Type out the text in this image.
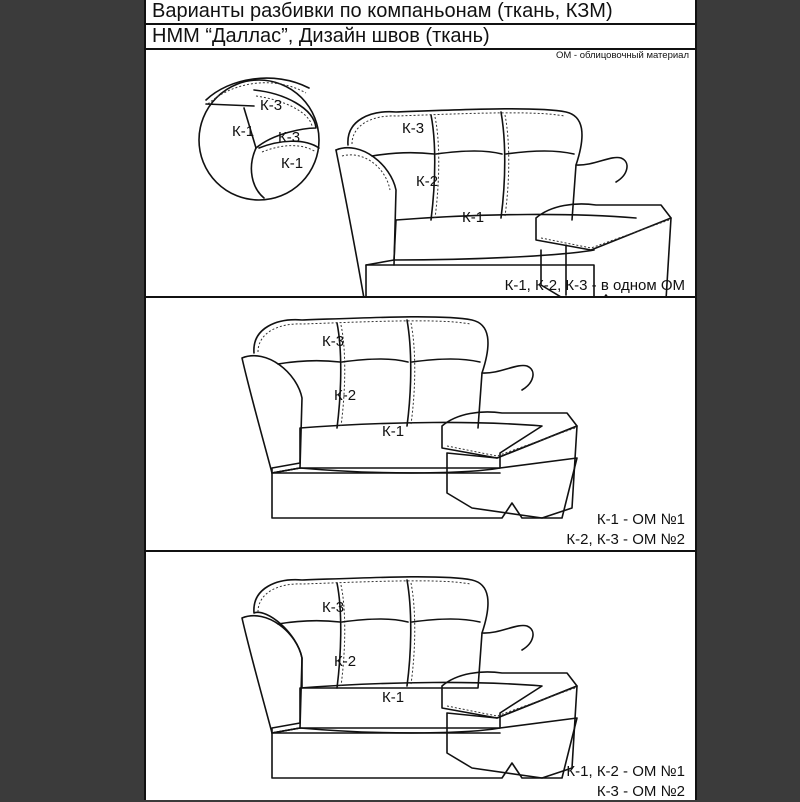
Варианты разбивки по компаньонам (ткань, КЗМ)
НММ “Даллас”, Дизайн швов (ткань)
ОМ - облицовочный материал
К-3
К-1 К-3
К-1
К-3
К-2
К-1
К-1, К-2, К-3 - в одном ОМ
К-3
К-2
К-1
К-1 - ОМ №1
К-2, К-3 - ОМ №2
К-3
К-2
К-1
К-1, К-2 - ОМ №1
К-3 - ОМ №2
